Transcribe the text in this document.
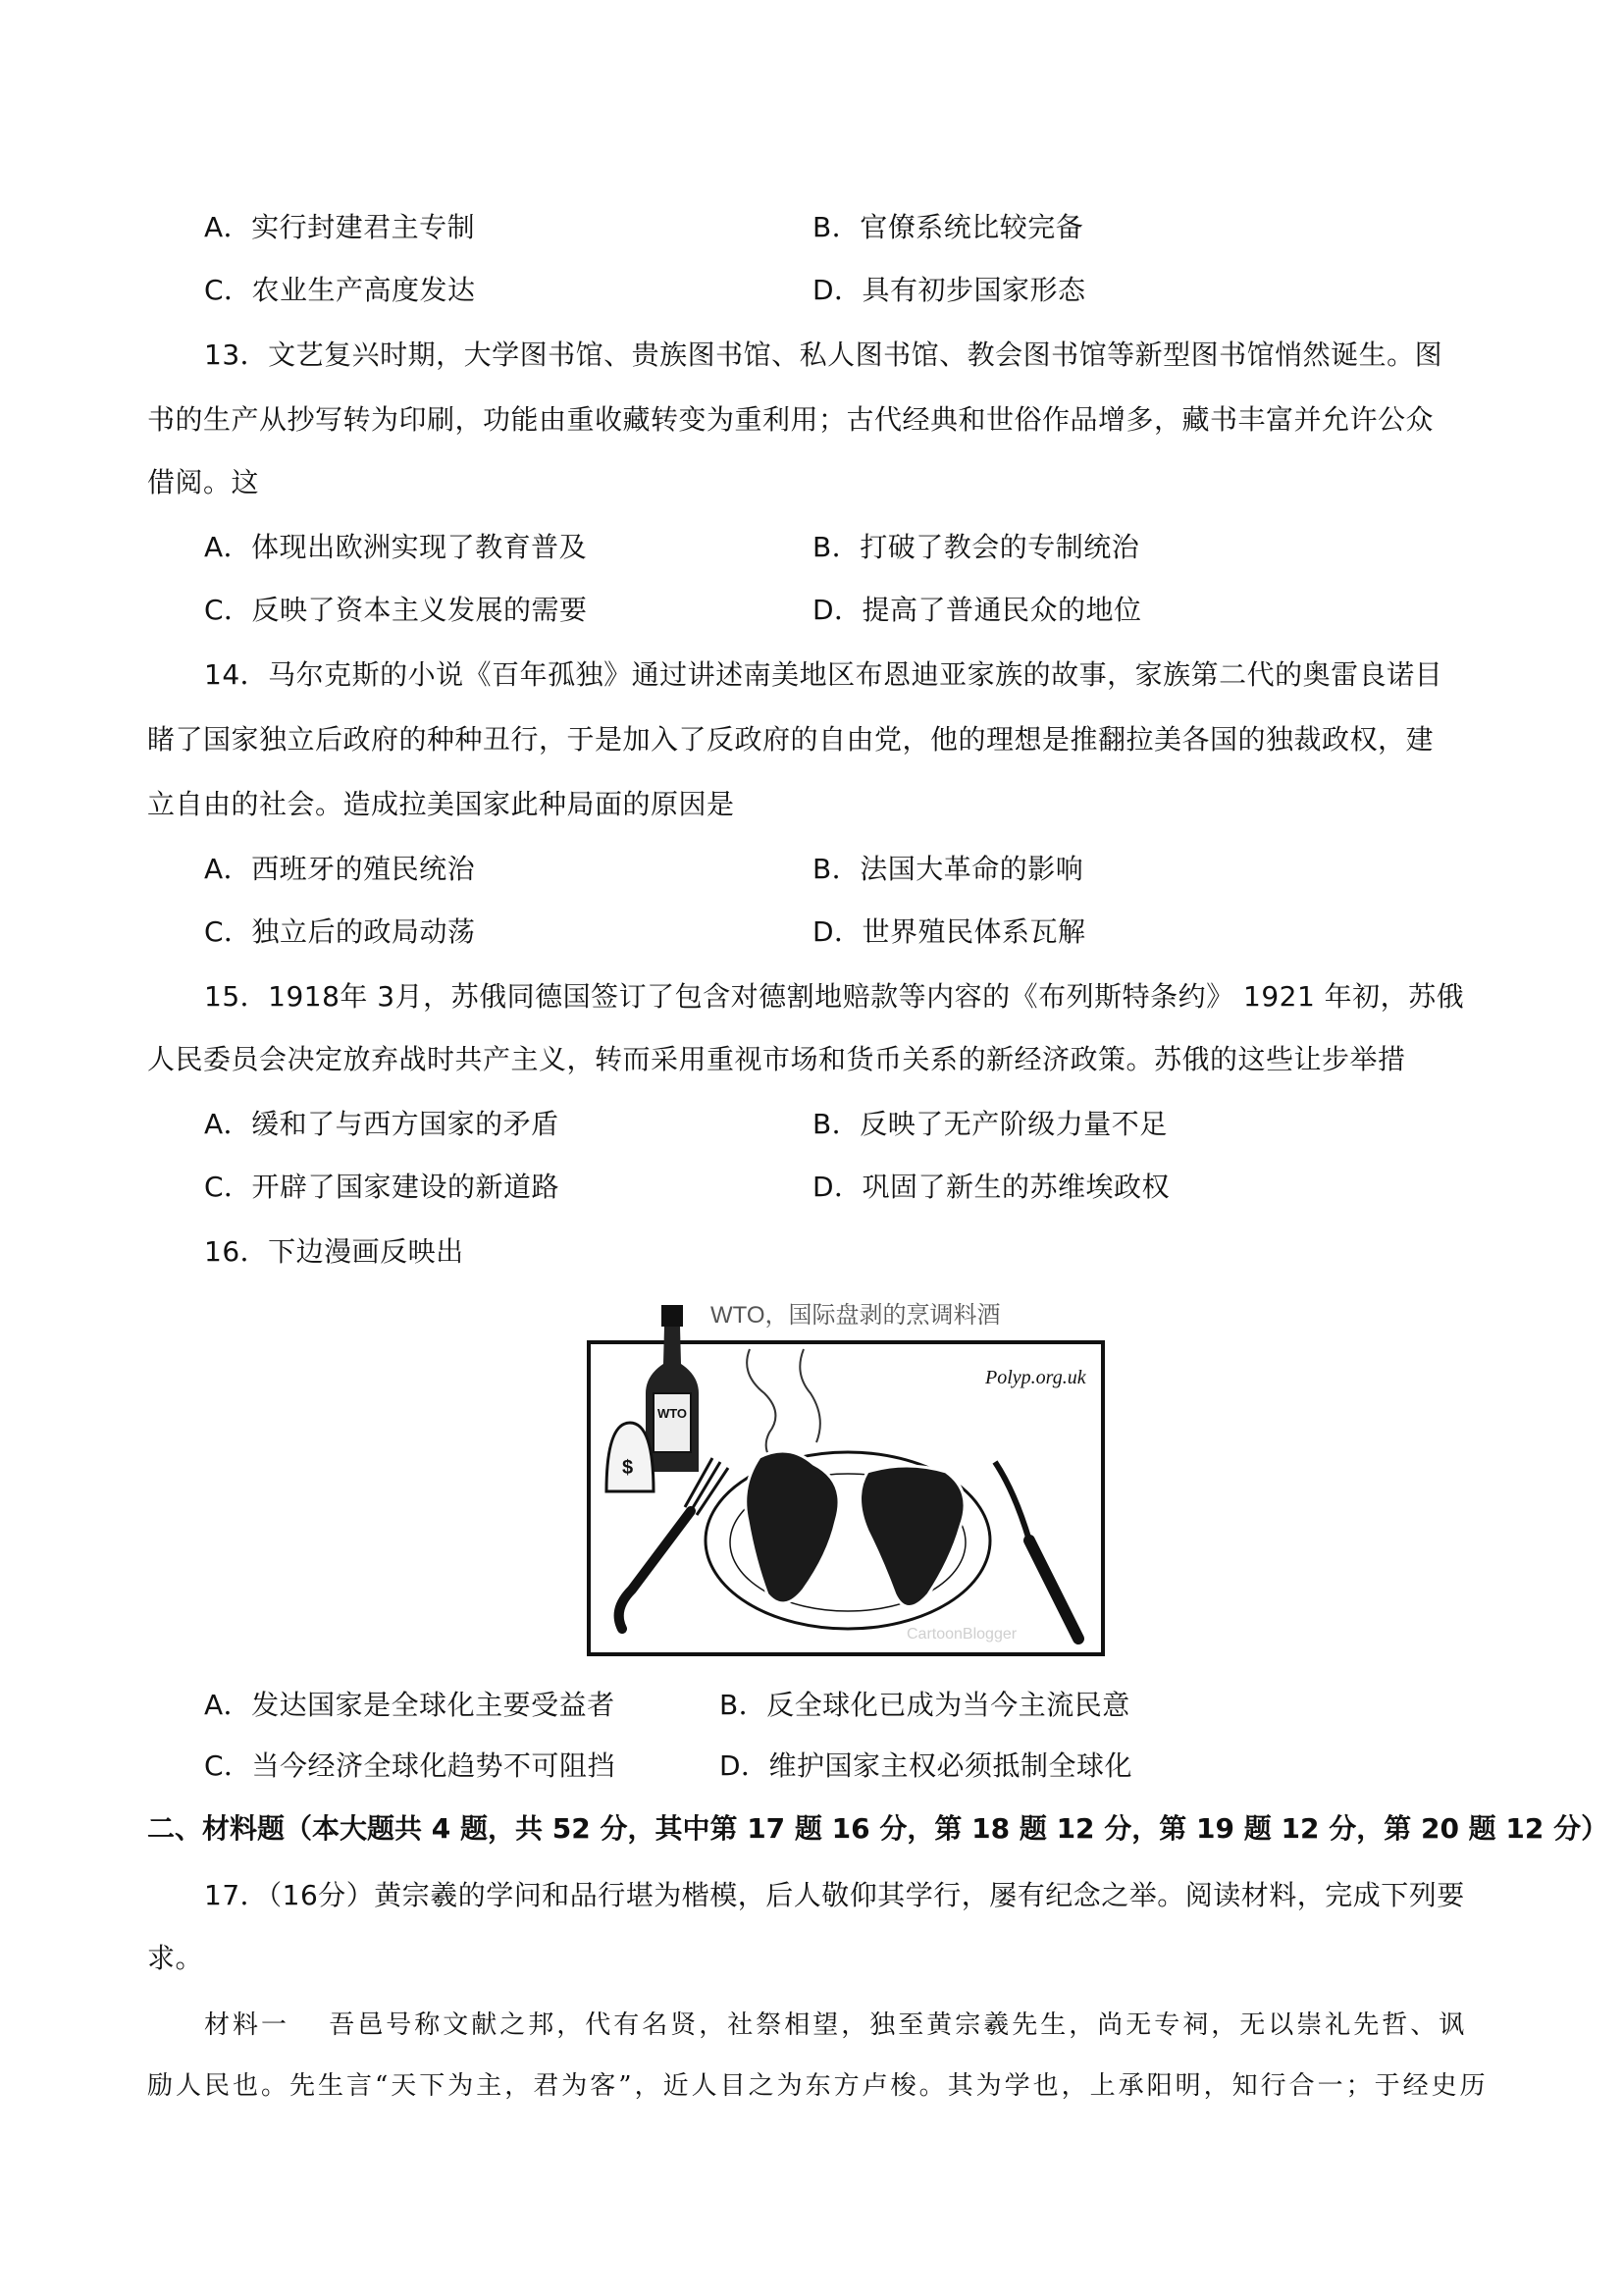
A．实行封建君主专制	B．官僚系统比较完备
C．农业生产高度发达	D．具有初步国家形态
13．文艺复兴时期，大学图书馆、贵族图书馆、私人图书馆、教会图书馆等新型图书馆悄然诞生。图
书的生产从抄写转为印刷，功能由重收藏转变为重利用；古代经典和世俗作品增多，藏书丰富并允许公众
借阅。这
A．体现出欧洲实现了教育普及	B．打破了教会的专制统治
C．反映了资本主义发展的需要	D．提高了普通民众的地位
14．马尔克斯的小说《百年孤独》通过讲述南美地区布恩迪亚家族的故事，家族第二代的奥雷良诺目
睹了国家独立后政府的种种丑行，于是加入了反政府的自由党，他的理想是推翻拉美各国的独裁政权，建
立自由的社会。造成拉美国家此种局面的原因是
A．西班牙的殖民统治	B．法国大革命的影响
C．独立后的政局动荡	D．世界殖民体系瓦解
15．1918年 3月，苏俄同德国签订了包含对德割地赔款等内容的《布列斯特条约》 1921 年初，苏俄
人民委员会决定放弃战时共产主义，转而采用重视市场和货币关系的新经济政策。苏俄的这些让步举措
A．缓和了与西方国家的矛盾	B．反映了无产阶级力量不足
C．开辟了国家建设的新道路	D．巩固了新生的苏维埃政权
16．下边漫画反映出
WTO，国际盘剥的烹调料酒
Polyp.org.uk
WTO
$
CartoonBlogger
A．发达国家是全球化主要受益者	B．反全球化已成为当今主流民意
C．当今经济全球化趋势不可阻挡	D．维护国家主权必须抵制全球化
二、材料题（本大题共 4 题，共 52 分，其中第 17 题 16 分，第 18 题 12 分，第 19 题 12 分，第 20 题 12 分）
17．（16分）黄宗羲的学问和品行堪为楷模，后人敬仰其学行，屡有纪念之举。阅读材料，完成下列要
求。
材料一　 吾邑号称文献之邦，代有名贤，社祭相望，独至黄宗羲先生，尚无专祠，无以崇礼先哲、讽
励人民也。先生言“天下为主，君为客”，近人目之为东方卢梭。其为学也，上承阳明，知行合一；于经史历
